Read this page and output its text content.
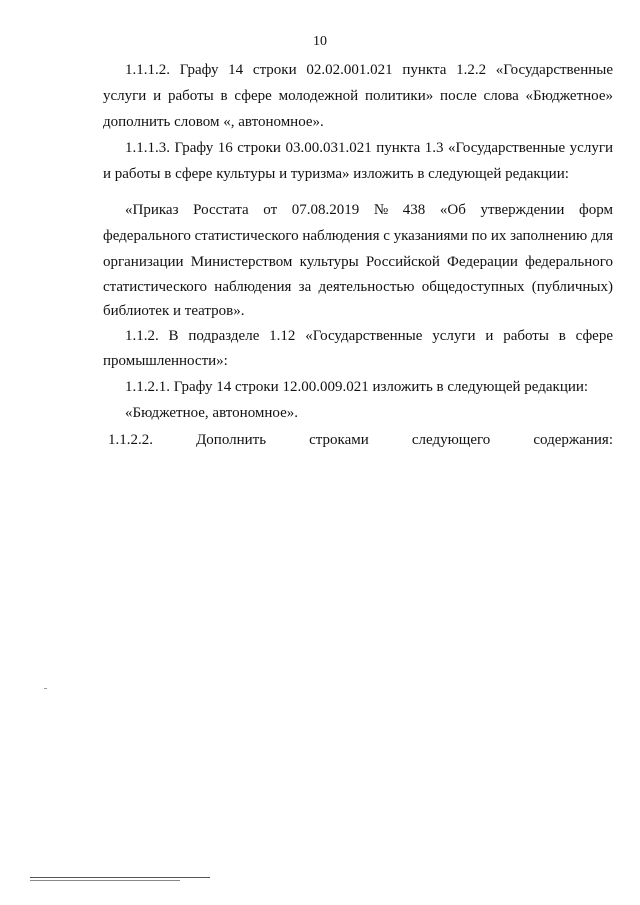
10
1.1.1.2. Графу 14 строки 02.02.001.021 пункта 1.2.2 «Государственные
услуги и работы в сфере молодежной политики» после слова «Бюджетное»
дополнить словом «, автономное».
1.1.1.3. Графу 16 строки 03.00.031.021 пункта 1.3 «Государственные услуги
и работы в сфере культуры и туризма» изложить в следующей редакции:
«Приказ Росстата от 07.08.2019 № 438 «Об утверждении форм
федерального статистического наблюдения с указаниями по их заполнению для
организации Министерством культуры Российской Федерации федерального
статистического наблюдения за деятельностью общедоступных (публичных)
библиотек и театров».
1.1.2. В подразделе 1.12 «Государственные услуги и работы в сфере
промышленности»:
1.1.2.1. Графу 14 строки 12.00.009.021 изложить в следующей редакции:
«Бюджетное, автономное».
1.1.2.2. Дополнить строками следующего содержания:
